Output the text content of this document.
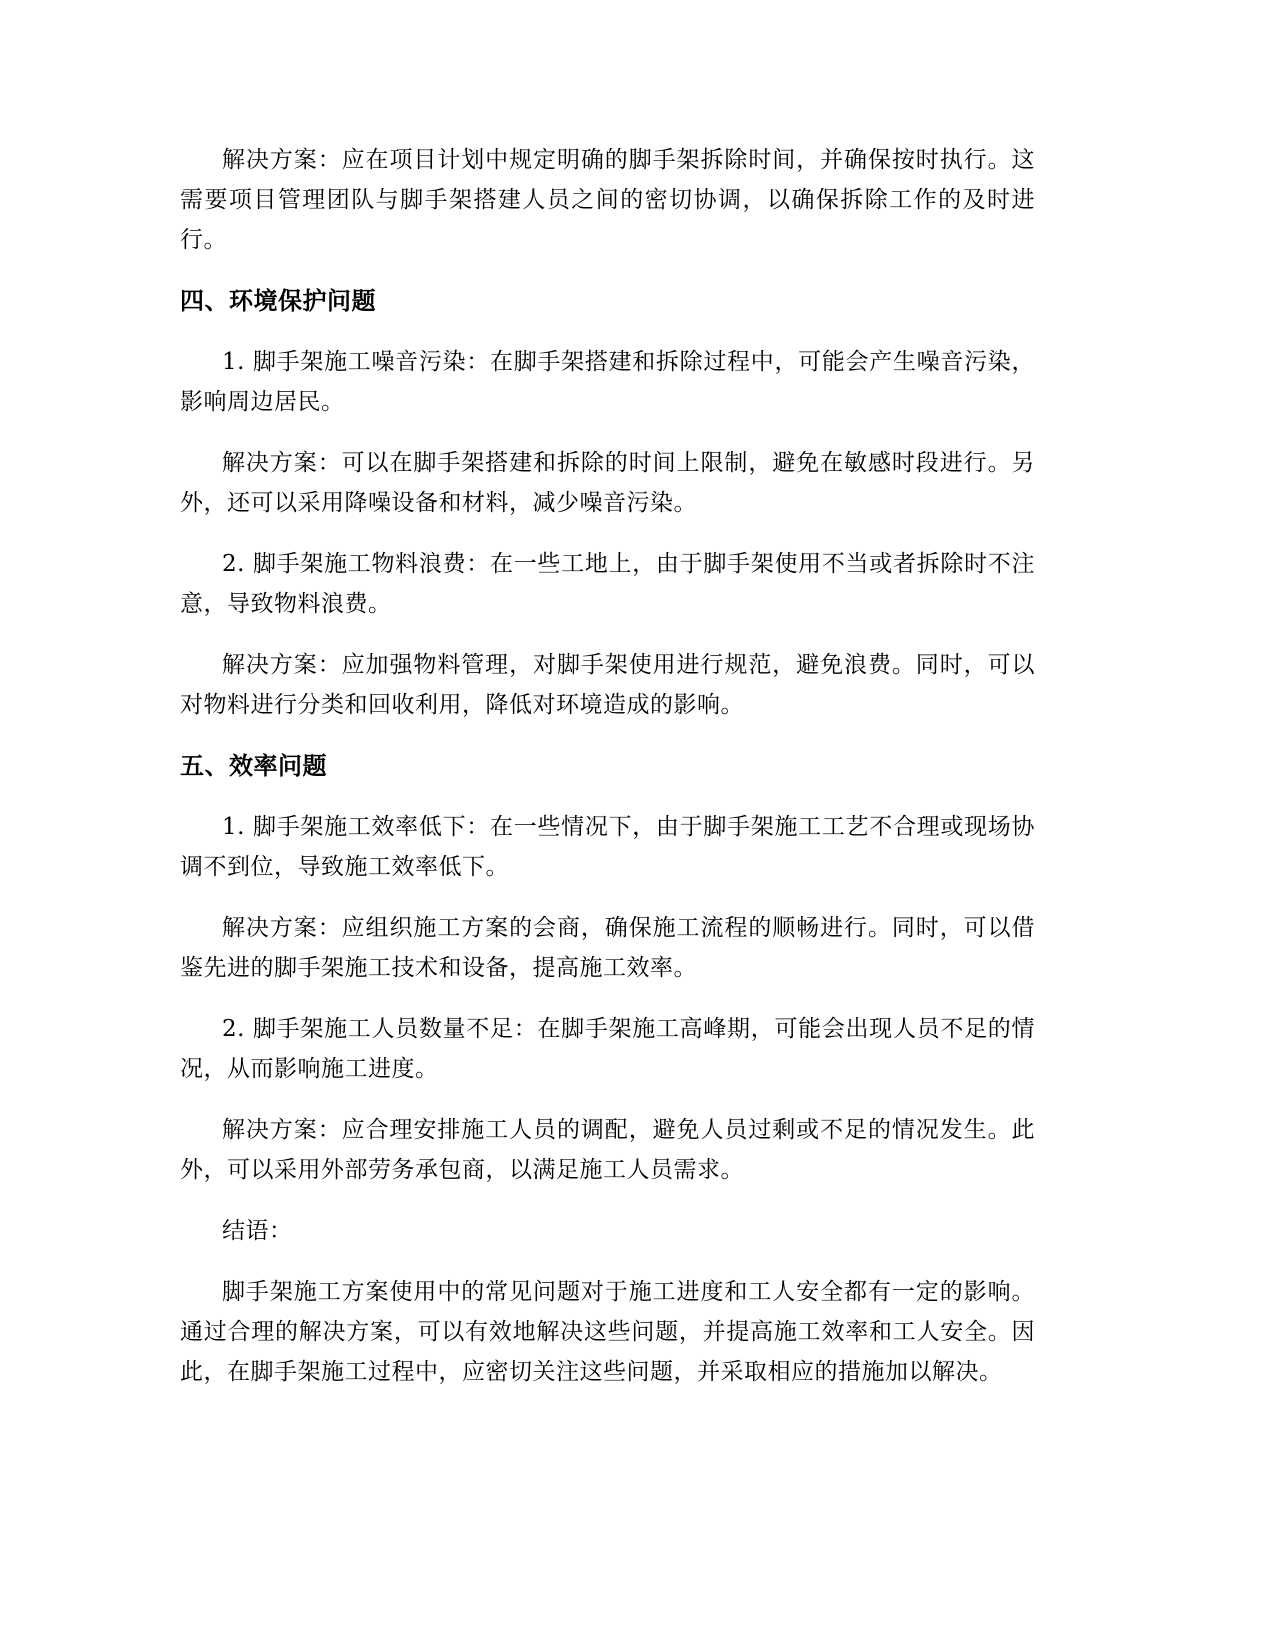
解决方案：应在项目计划中规定明确的脚手架拆除时间，并确保按时执行。这需要项目管理团队与脚手架搭建人员之间的密切协调，以确保拆除工作的及时进行。

四、环境保护问题

1. 脚手架施工噪音污染：在脚手架搭建和拆除过程中，可能会产生噪音污染，影响周边居民。

解决方案：可以在脚手架搭建和拆除的时间上限制，避免在敏感时段进行。另外，还可以采用降噪设备和材料，减少噪音污染。

2. 脚手架施工物料浪费：在一些工地上，由于脚手架使用不当或者拆除时不注意，导致物料浪费。

解决方案：应加强物料管理，对脚手架使用进行规范，避免浪费。同时，可以对物料进行分类和回收利用，降低对环境造成的影响。

五、效率问题

1. 脚手架施工效率低下：在一些情况下，由于脚手架施工工艺不合理或现场协调不到位，导致施工效率低下。

解决方案：应组织施工方案的会商，确保施工流程的顺畅进行。同时，可以借鉴先进的脚手架施工技术和设备，提高施工效率。

2. 脚手架施工人员数量不足：在脚手架施工高峰期，可能会出现人员不足的情况，从而影响施工进度。

解决方案：应合理安排施工人员的调配，避免人员过剩或不足的情况发生。此外，可以采用外部劳务承包商，以满足施工人员需求。

结语：

脚手架施工方案使用中的常见问题对于施工进度和工人安全都有一定的影响。通过合理的解决方案，可以有效地解决这些问题，并提高施工效率和工人安全。因此，在脚手架施工过程中，应密切关注这些问题，并采取相应的措施加以解决。
